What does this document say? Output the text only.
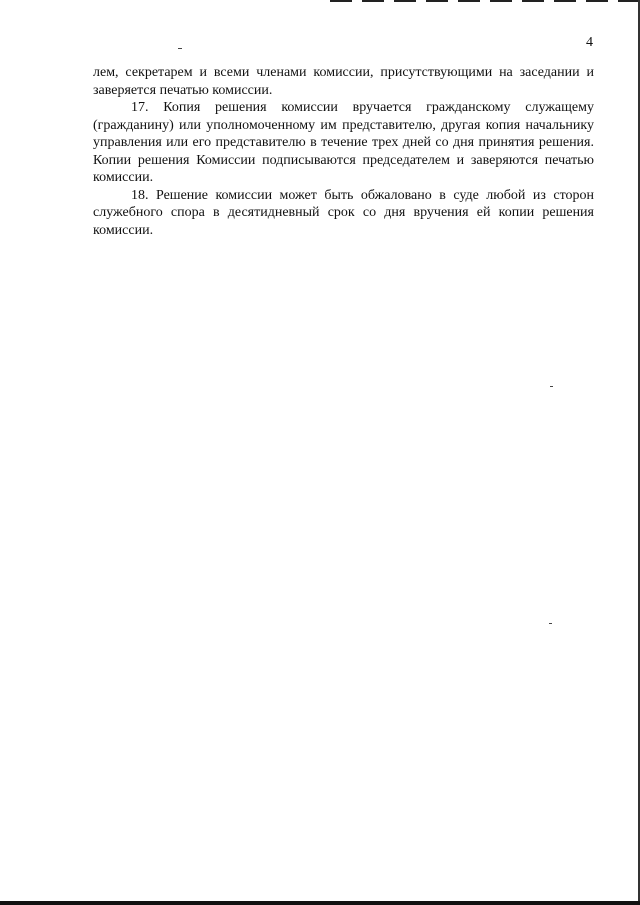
4

лем, секретарем и всеми членами комиссии, присутствующими на заседании и заверяется печатью комиссии.

17. Копия решения комиссии вручается гражданскому служащему (гражданину) или уполномоченному им представителю, другая копия начальнику управления или его представителю в течение трех дней со дня принятия решения. Копии решения Комиссии подписываются председателем и заверяются печатью комиссии.

18. Решение комиссии может быть обжаловано в суде любой из сторон служебного спора в десятидневный срок со дня вручения ей копии решения комиссии.
